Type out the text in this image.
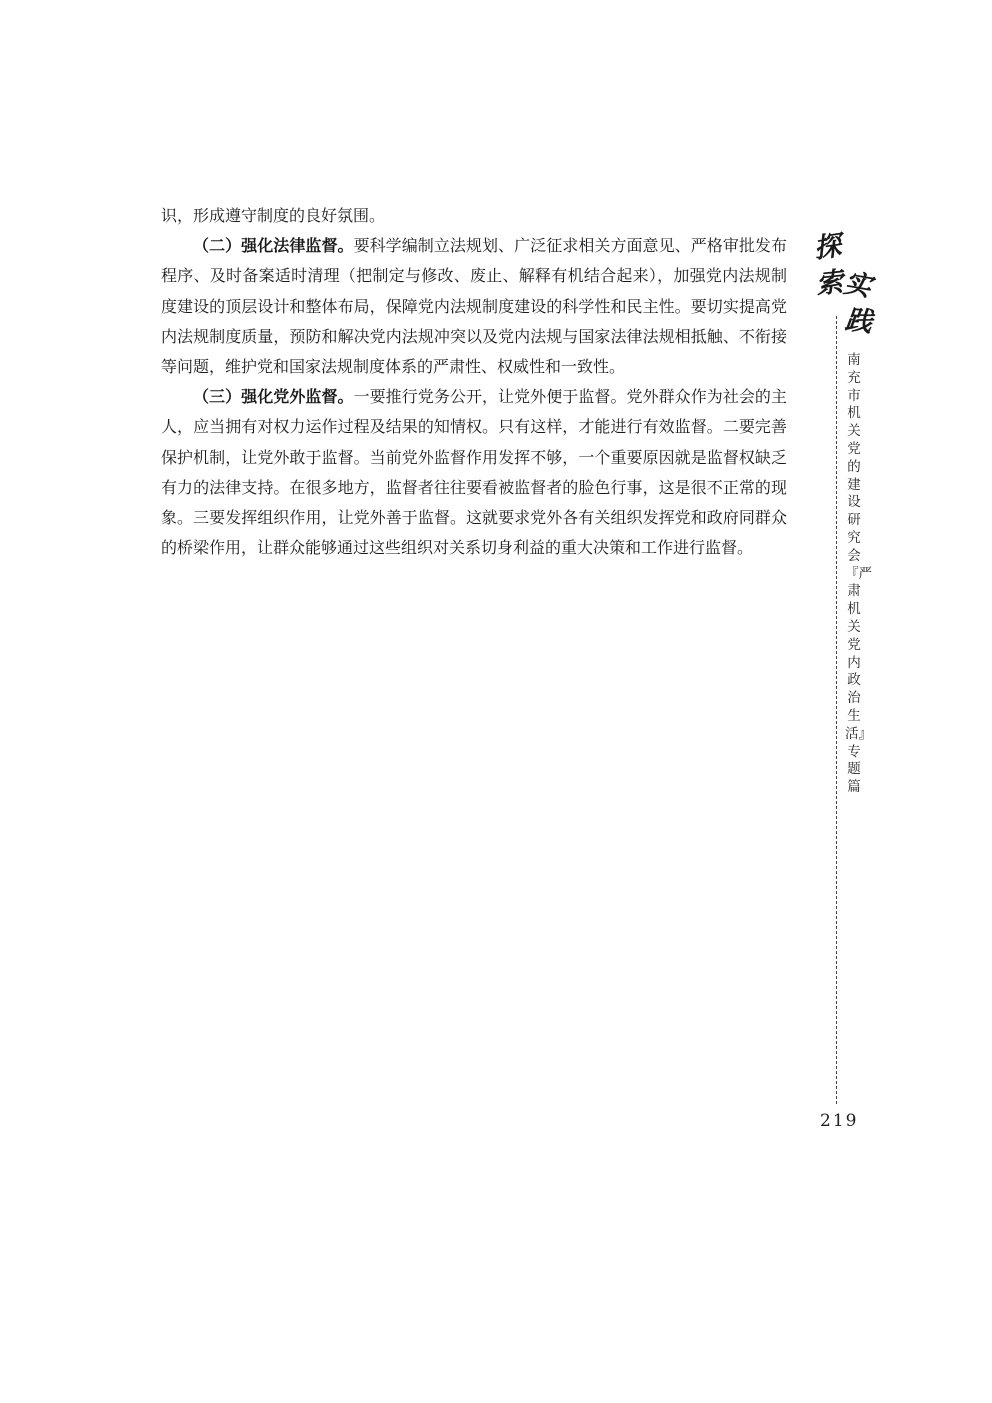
识，形成遵守制度的良好氛围。

（二）强化法律监督。要科学编制立法规划、广泛征求相关方面意见、严格审批发布程序、及时备案适时清理（把制定与修改、废止、解释有机结合起来），加强党内法规制度建设的顶层设计和整体布局，保障党内法规制度建设的科学性和民主性。要切实提高党内法规制度质量，预防和解决党内法规冲突以及党内法规与国家法律法规相抵触、不衔接等问题，维护党和国家法规制度体系的严肃性、权威性和一致性。

（三）强化党外监督。一要推行党务公开，让党外便于监督。党外群众作为社会的主人，应当拥有对权力运作过程及结果的知情权。只有这样，才能进行有效监督。二要完善保护机制，让党外敢于监督。当前党外监督作用发挥不够，一个重要原因就是监督权缺乏有力的法律支持。在很多地方，监督者往往要看被监督者的脸色行事，这是很不正常的现象。三要发挥组织作用，让党外善于监督。这就要求党外各有关组织发挥党和政府同群众的桥梁作用，让群众能够通过这些组织对关系切身利益的重大决策和工作进行监督。

探
索
实
践
南充市机关党的建设研究会『严肃机关党内政治生活』专题篇
219
